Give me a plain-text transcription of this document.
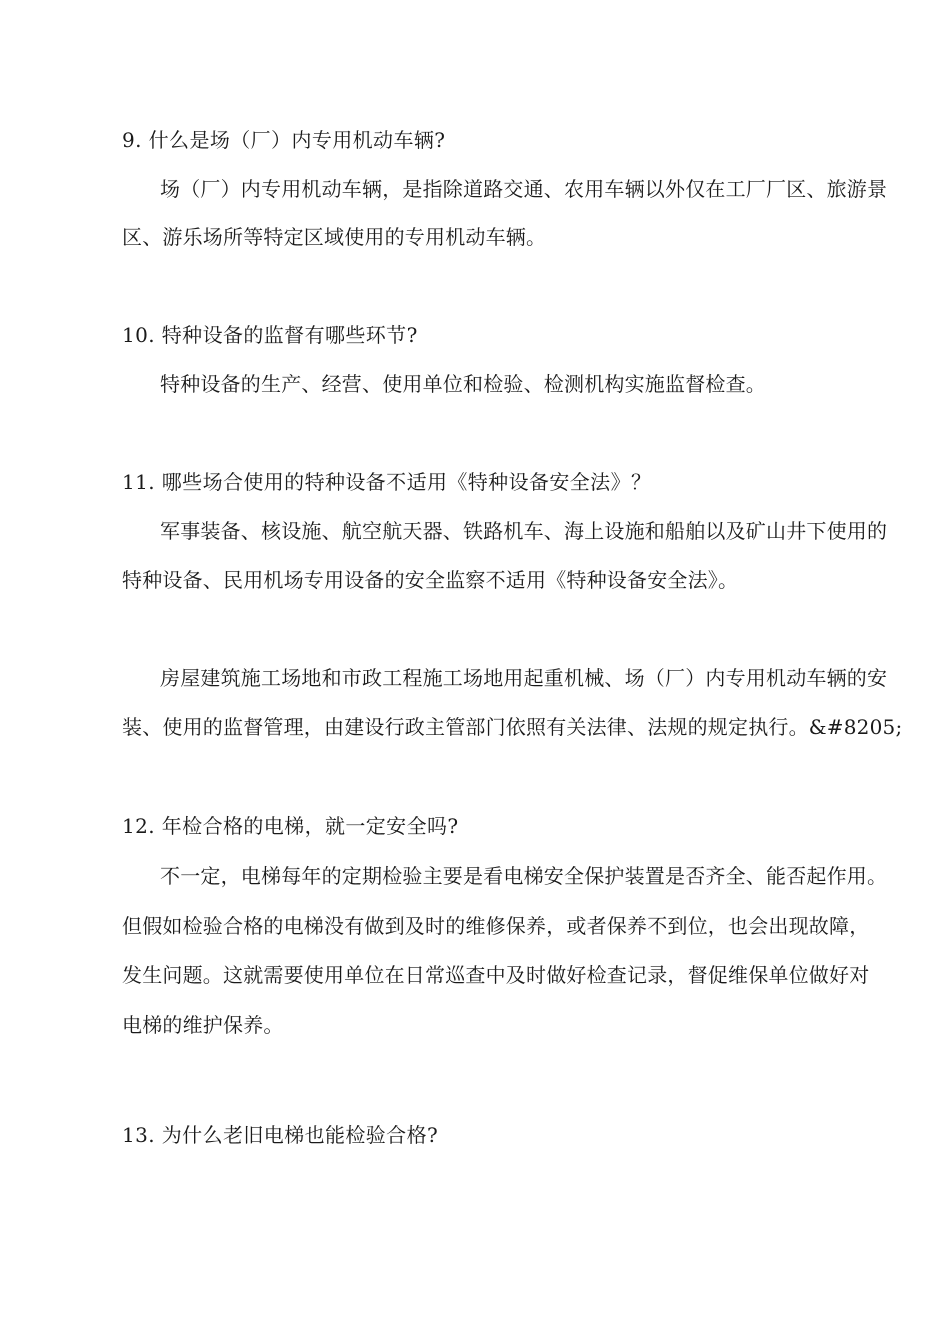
9. 什么是场（厂）内专用机动车辆?
场（厂）内专用机动车辆，是指除道路交通、农用车辆以外仅在工厂厂区、旅游景
区、游乐场所等特定区域使用的专用机动车辆。
10. 特种设备的监督有哪些环节?
特种设备的生产、经营、使用单位和检验、检测机构实施监督检查。
11. 哪些场合使用的特种设备不适用《特种设备安全法》？
军事装备、核设施、航空航天器、铁路机车、海上设施和船舶以及矿山井下使用的
特种设备、民用机场专用设备的安全监察不适用《特种设备安全法》。
房屋建筑施工场地和市政工程施工场地用起重机械、场（厂）内专用机动车辆的安
装、使用的监督管理，由建设行政主管部门依照有关法律、法规的规定执行。&#8205;
12. 年检合格的电梯，就一定安全吗?
不一定，电梯每年的定期检验主要是看电梯安全保护装置是否齐全、能否起作用。
但假如检验合格的电梯没有做到及时的维修保养，或者保养不到位，也会出现故障，
发生问题。这就需要使用单位在日常巡查中及时做好检查记录，督促维保单位做好对
电梯的维护保养。
13. 为什么老旧电梯也能检验合格?
